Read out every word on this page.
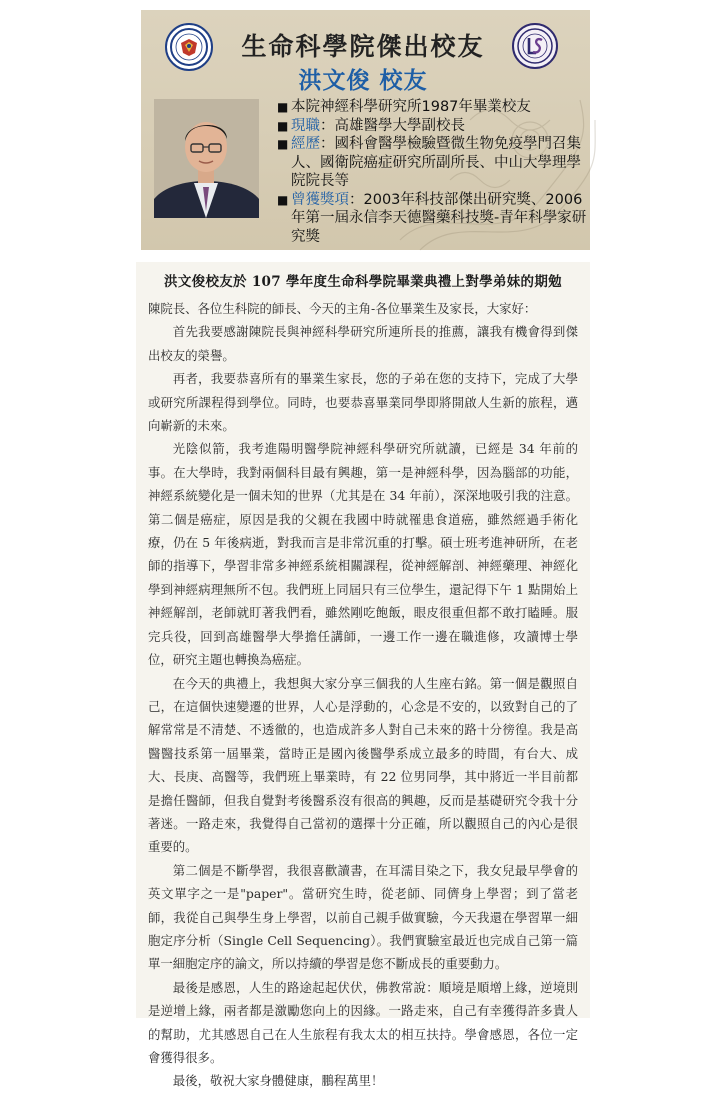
生命科學院傑出校友
洪文俊 校友
■ 本院神經科學研究所1987年畢業校友
■ 現職：高雄醫學大學副校長
■ 經歷：國科會醫學檢驗暨微生物免疫學門召集人、國衛院癌症研究所副所長、中山大學理學院院長等
■ 曾獲獎項：2003年科技部傑出研究獎、2006年第一屆永信李天德醫藥科技獎-青年科學家研究獎
洪文俊校友於 107 學年度生命科學院畢業典禮上對學弟妹的期勉

陳院長、各位生科院的師長、今天的主角-各位畢業生及家長，大家好：

首先我要感謝陳院長與神經科學研究所連所長的推薦，讓我有機會得到傑出校友的榮譽。

再者，我要恭喜所有的畢業生家長，您的子弟在您的支持下，完成了大學或研究所課程得到學位。同時，也要恭喜畢業同學即將開啟人生新的旅程，邁向嶄新的未來。

光陰似箭，我考進陽明醫學院神經科學研究所就讀，已經是 34 年前的事。在大學時，我對兩個科目最有興趣，第一是神經科學，因為腦部的功能，神經系統變化是一個未知的世界（尤其是在 34 年前），深深地吸引我的注意。第二個是癌症，原因是我的父親在我國中時就罹患食道癌，雖然經過手術化療，仍在 5 年後病逝，對我而言是非常沉重的打擊。碩士班考進神研所，在老師的指導下，學習非常多神經系統相關課程，從神經解剖、神經藥理、神經化學到神經病理無所不包。我們班上同屆只有三位學生，還記得下午 1 點開始上神經解剖，老師就盯著我們看，雖然剛吃飽飯，眼皮很重但都不敢打瞌睡。服完兵役，回到高雄醫學大學擔任講師，一邊工作一邊在職進修，攻讀博士學位，研究主題也轉換為癌症。

在今天的典禮上，我想與大家分享三個我的人生座右銘。第一個是觀照自己，在這個快速變遷的世界，人心是浮動的，心念是不安的，以致對自己的了解常常是不清楚、不透徹的，也造成許多人對自己未來的路十分徬徨。我是高醫醫技系第一屆畢業，當時正是國內後醫學系成立最多的時間，有台大、成大、長庚、高醫等，我們班上畢業時，有 22 位男同學，其中將近一半目前都是擔任醫師，但我自覺對考後醫系沒有很高的興趣，反而是基礎研究令我十分著迷。一路走來，我覺得自己當初的選擇十分正確，所以觀照自己的內心是很重要的。

第二個是不斷學習，我很喜歡讀書，在耳濡目染之下，我女兒最早學會的英文單字之一是"paper"。當研究生時，從老師、同儕身上學習；到了當老師，我從自己與學生身上學習，以前自己親手做實驗，今天我還在學習單一細胞定序分析（Single Cell Sequencing）。我們實驗室最近也完成自己第一篇單一細胞定序的論文，所以持續的學習是您不斷成長的重要動力。

最後是感恩，人生的路途起起伏伏，佛教常說：順境是順增上緣，逆境則是逆增上緣，兩者都是激勵您向上的因緣。一路走來，自己有幸獲得許多貴人的幫助，尤其感恩自己在人生旅程有我太太的相互扶持。學會感恩，各位一定會獲得很多。

最後，敬祝大家身體健康，鵬程萬里！
